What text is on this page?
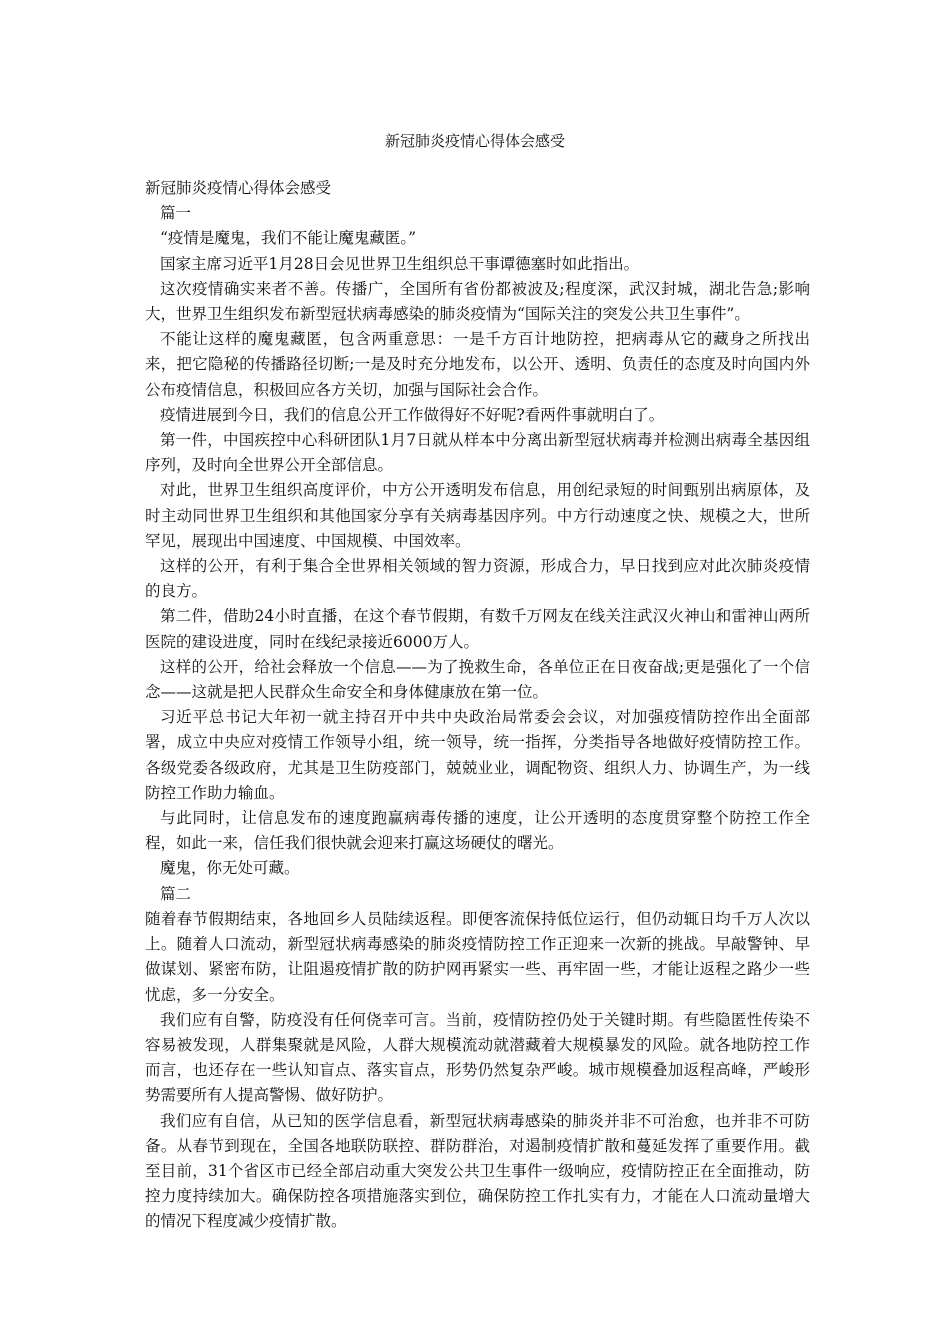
新冠肺炎疫情心得体会感受

新冠肺炎疫情心得体会感受

篇一

“疫情是魔鬼，我们不能让魔鬼藏匿。”

国家主席习近平1月28日会见世界卫生组织总干事谭德塞时如此指出。

这次疫情确实来者不善。传播广，全国所有省份都被波及;程度深，武汉封城，湖北告急;影响大，世界卫生组织发布新型冠状病毒感染的肺炎疫情为“国际关注的突发公共卫生事件”。

不能让这样的魔鬼藏匿，包含两重意思：一是千方百计地防控，把病毒从它的藏身之所找出来，把它隐秘的传播路径切断;一是及时充分地发布，以公开、透明、负责任的态度及时向国内外公布疫情信息，积极回应各方关切，加强与国际社会合作。

疫情进展到今日，我们的信息公开工作做得好不好呢?看两件事就明白了。

第一件，中国疾控中心科研团队1月7日就从样本中分离出新型冠状病毒并检测出病毒全基因组序列，及时向全世界公开全部信息。

对此，世界卫生组织高度评价，中方公开透明发布信息，用创纪录短的时间甄别出病原体，及时主动同世界卫生组织和其他国家分享有关病毒基因序列。中方行动速度之快、规模之大，世所罕见，展现出中国速度、中国规模、中国效率。

这样的公开，有利于集合全世界相关领域的智力资源，形成合力，早日找到应对此次肺炎疫情的良方。

第二件，借助24小时直播，在这个春节假期，有数千万网友在线关注武汉火神山和雷神山两所医院的建设进度，同时在线纪录接近6000万人。

这样的公开，给社会释放一个信息——为了挽救生命，各单位正在日夜奋战;更是强化了一个信念——这就是把人民群众生命安全和身体健康放在第一位。

习近平总书记大年初一就主持召开中共中央政治局常委会会议，对加强疫情防控作出全面部署，成立中央应对疫情工作领导小组，统一领导，统一指挥，分类指导各地做好疫情防控工作。各级党委各级政府，尤其是卫生防疫部门，兢兢业业，调配物资、组织人力、协调生产，为一线防控工作助力输血。

与此同时，让信息发布的速度跑赢病毒传播的速度，让公开透明的态度贯穿整个防控工作全程，如此一来，信任我们很快就会迎来打赢这场硬仗的曙光。

魔鬼，你无处可藏。

篇二

随着春节假期结束，各地回乡人员陆续返程。即便客流保持低位运行，但仍动辄日均千万人次以上。随着人口流动，新型冠状病毒感染的肺炎疫情防控工作正迎来一次新的挑战。早敲警钟、早做谋划、紧密布防，让阻遏疫情扩散的防护网再紧实一些、再牢固一些，才能让返程之路少一些忧虑，多一分安全。

我们应有自警，防疫没有任何侥幸可言。当前，疫情防控仍处于关键时期。有些隐匿性传染不容易被发现，人群集聚就是风险，人群大规模流动就潜藏着大规模暴发的风险。就各地防控工作而言，也还存在一些认知盲点、落实盲点，形势仍然复杂严峻。城市规模叠加返程高峰，严峻形势需要所有人提高警惕、做好防护。

我们应有自信，从已知的医学信息看，新型冠状病毒感染的肺炎并非不可治愈，也并非不可防备。从春节到现在，全国各地联防联控、群防群治，对遏制疫情扩散和蔓延发挥了重要作用。截至目前，31个省区市已经全部启动重大突发公共卫生事件一级响应，疫情防控正在全面推动，防控力度持续加大。确保防控各项措施落实到位，确保防控工作扎实有力，才能在人口流动量增大的情况下程度减少疫情扩散。
